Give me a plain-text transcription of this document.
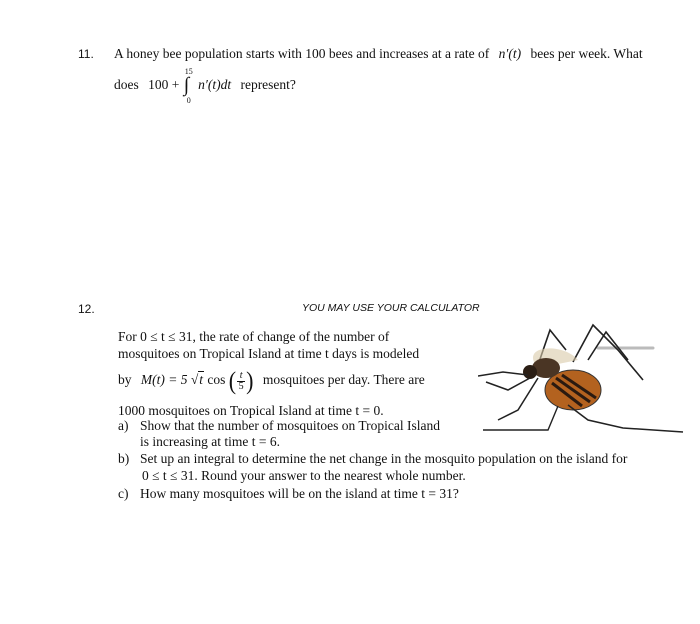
11. A honey bee population starts with 100 bees and increases at a rate of n′(t) bees per week. What
does 100 + ∫
15
0
n′(t)dt represent?
12.	YOU MAY USE YOUR CALCULATOR
For 0 ≤ t ≤ 31, the rate of change of the number of
mosquitoes on Tropical Island at time t days is modeled
by M(t) = 5 √t cos ( $\frac{t}{5}$ ) mosquitoes per day. There are
1000 mosquitoes on Tropical Island at time t = 0.
a) Show that the number of mosquitoes on Tropical Island
is increasing at time t = 6.
b) Set up an integral to determine the net change in the mosquito population on the island for
0 ≤ t ≤ 31. Round your answer to the nearest whole number.
c) How many mosquitoes will be on the island at time t = 31?
